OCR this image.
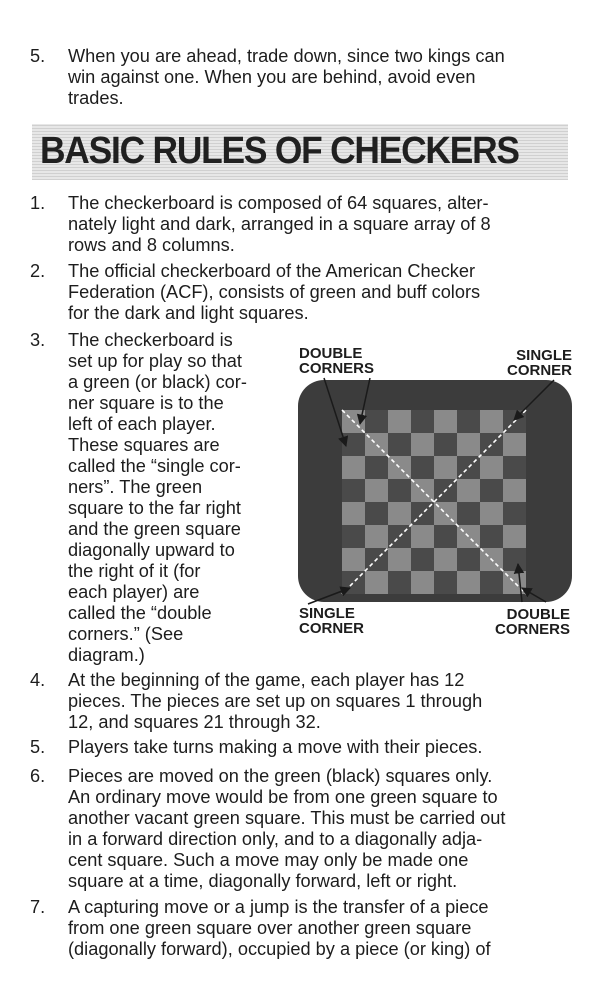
5. When you are ahead, trade down, since two kings can
win against one. When you are behind, avoid even
trades.
BASIC RULES OF CHECKERS
1. The checkerboard is composed of 64 squares, alter-
nately light and dark, arranged in a square array of 8
rows and 8 columns.
2. The official checkerboard of the American Checker
Federation (ACF), consists of green and buff colors
for the dark and light squares.
3. The checkerboard is
set up for play so that
a green (or black) cor-
ner square is to the
left of each player.
These squares are
called the “single cor-
ners”. The green
square to the far right
and the green square
diagonally upward to
the right of it (for
each player) are
called the “double
corners.” (See
diagram.)
DOUBLE
CORNERS
SINGLE
CORNER
SINGLE
CORNER
DOUBLE
CORNERS
4. At the beginning of the game, each player has 12
pieces. The pieces are set up on squares 1 through
12, and squares 21 through 32.
5. Players take turns making a move with their pieces.
6. Pieces are moved on the green (black) squares only.
An ordinary move would be from one green square to
another vacant green square. This must be carried out
in a forward direction only, and to a diagonally adja-
cent square. Such a move may only be made one
square at a time, diagonally forward, left or right.
7. A capturing move or a jump is the transfer of a piece
from one green square over another green square
(diagonally forward), occupied by a piece (or king) of
